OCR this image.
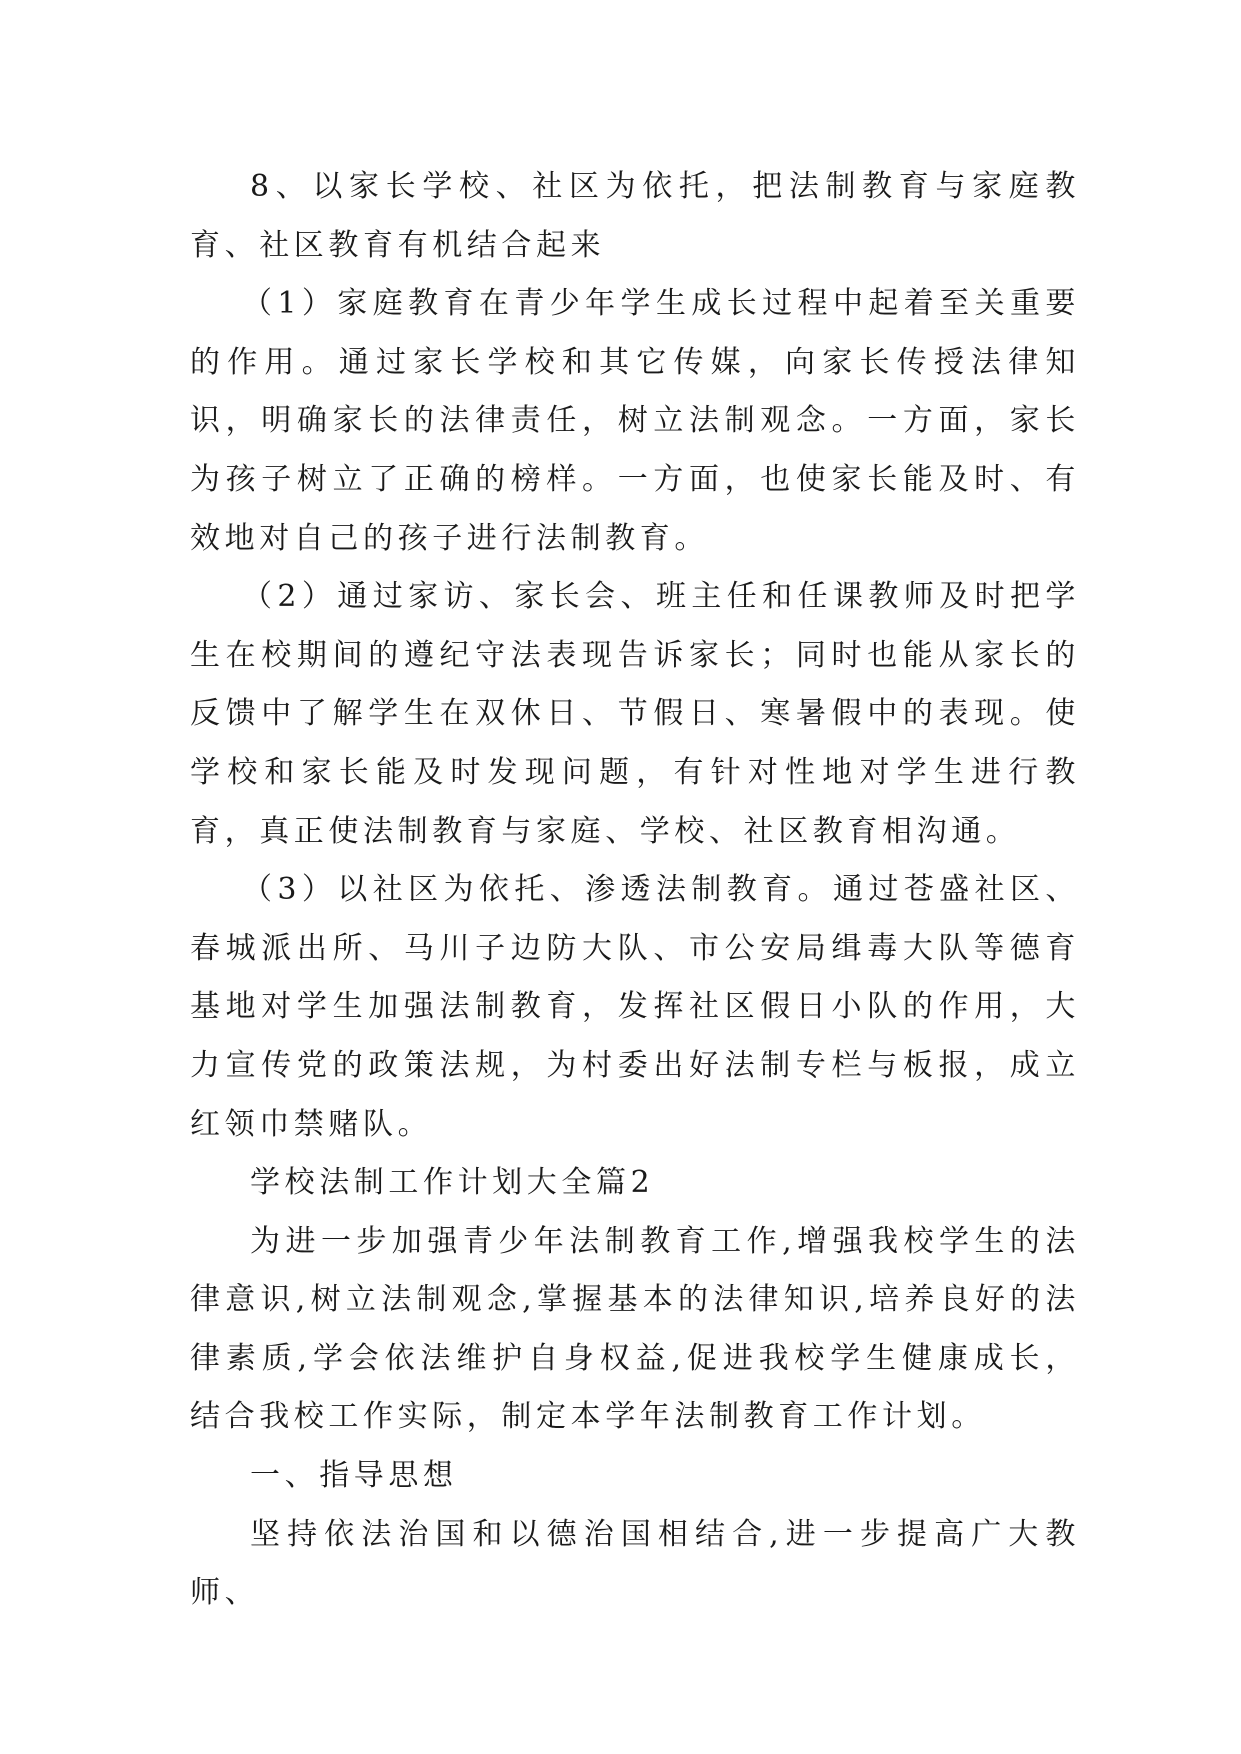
8、以家长学校、社区为依托，把法制教育与家庭教育、社区教育有机结合起来

（1）家庭教育在青少年学生成长过程中起着至关重要的作用。通过家长学校和其它传媒，向家长传授法律知识，明确家长的法律责任，树立法制观念。一方面，家长为孩子树立了正确的榜样。一方面，也使家长能及时、有效地对自己的孩子进行法制教育。

（2）通过家访、家长会、班主任和任课教师及时把学生在校期间的遵纪守法表现告诉家长；同时也能从家长的反馈中了解学生在双休日、节假日、寒暑假中的表现。使学校和家长能及时发现问题，有针对性地对学生进行教育，真正使法制教育与家庭、学校、社区教育相沟通。

（3）以社区为依托、渗透法制教育。通过苍盛社区、春城派出所、马川子边防大队、市公安局缉毒大队等德育基地对学生加强法制教育，发挥社区假日小队的作用，大力宣传党的政策法规，为村委出好法制专栏与板报，成立红领巾禁赌队。

学校法制工作计划大全篇2

为进一步加强青少年法制教育工作,增强我校学生的法律意识,树立法制观念,掌握基本的法律知识,培养良好的法律素质,学会依法维护自身权益,促进我校学生健康成长，结合我校工作实际，制定本学年法制教育工作计划。

一、指导思想

坚持依法治国和以德治国相结合,进一步提高广大教师、
